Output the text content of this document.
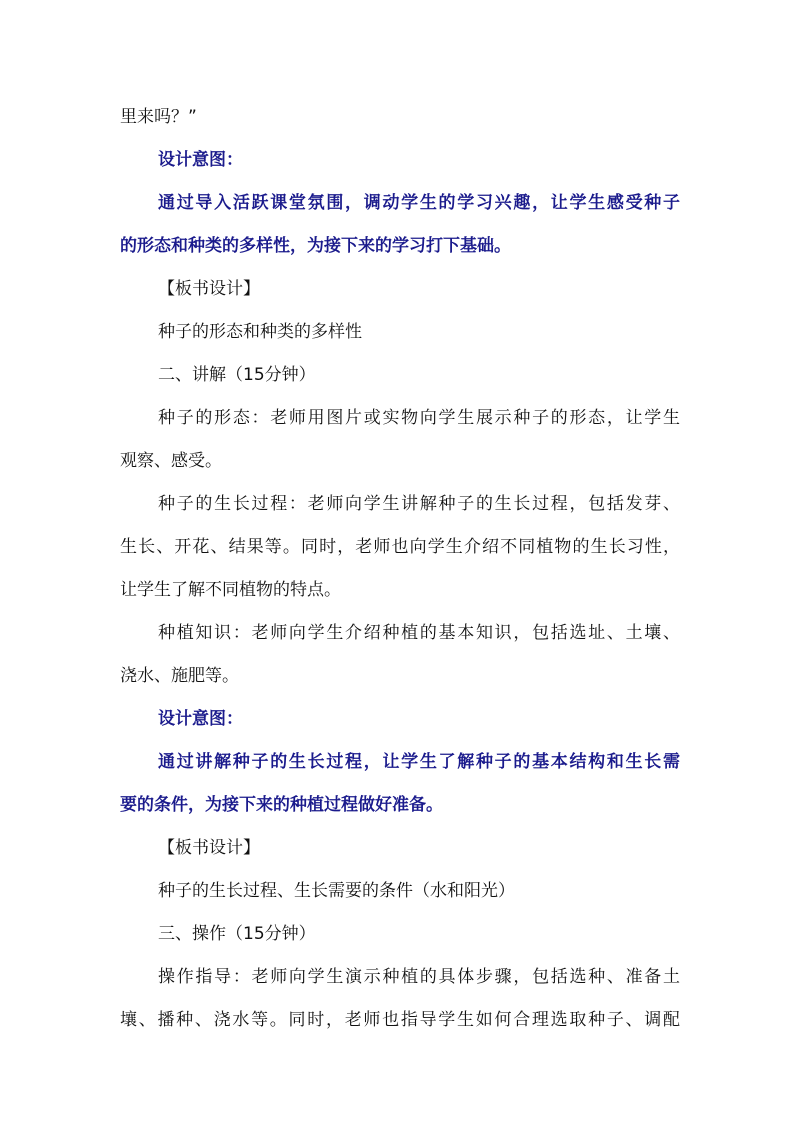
里来吗？”
设计意图：
通过导入活跃课堂氛围，调动学生的学习兴趣，让学生感受种子
的形态和种类的多样性，为接下来的学习打下基础。
【板书设计】
种子的形态和种类的多样性
二、讲解（15分钟）
种子的形态：老师用图片或实物向学生展示种子的形态，让学生
观察、感受。
种子的生长过程：老师向学生讲解种子的生长过程，包括发芽、
生长、开花、结果等。同时，老师也向学生介绍不同植物的生长习性，
让学生了解不同植物的特点。
种植知识：老师向学生介绍种植的基本知识，包括选址、土壤、
浇水、施肥等。
设计意图：
通过讲解种子的生长过程，让学生了解种子的基本结构和生长需
要的条件，为接下来的种植过程做好准备。
【板书设计】
种子的生长过程、生长需要的条件（水和阳光）
三、操作（15分钟）
操作指导：老师向学生演示种植的具体步骤，包括选种、准备土
壤、播种、浇水等。同时，老师也指导学生如何合理选取种子、调配
